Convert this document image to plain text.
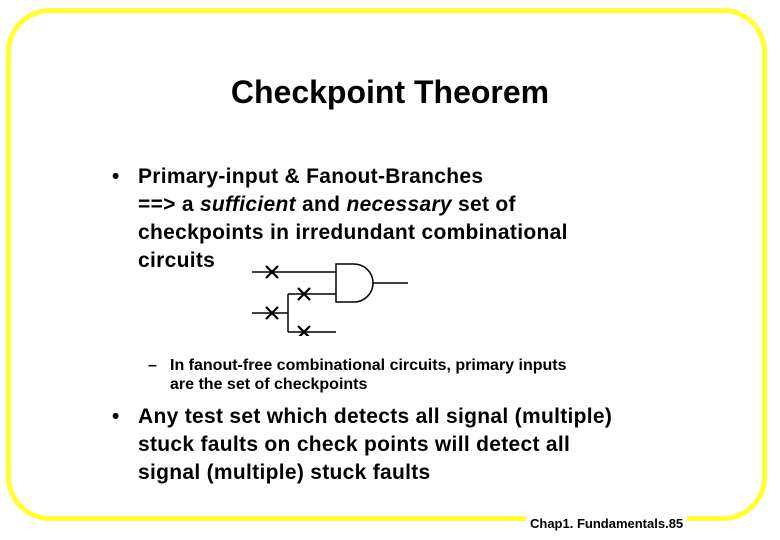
Checkpoint Theorem
• Primary-input & Fanout-Branches
==> a sufficient and necessary set of
checkpoints in irredundant combinational
circuits
– In fanout-free combinational circuits, primary inputs
are the set of checkpoints
• Any test set which detects all signal (multiple)
stuck faults on check points will detect all
signal (multiple) stuck faults
Chap1. Fundamentals.85
